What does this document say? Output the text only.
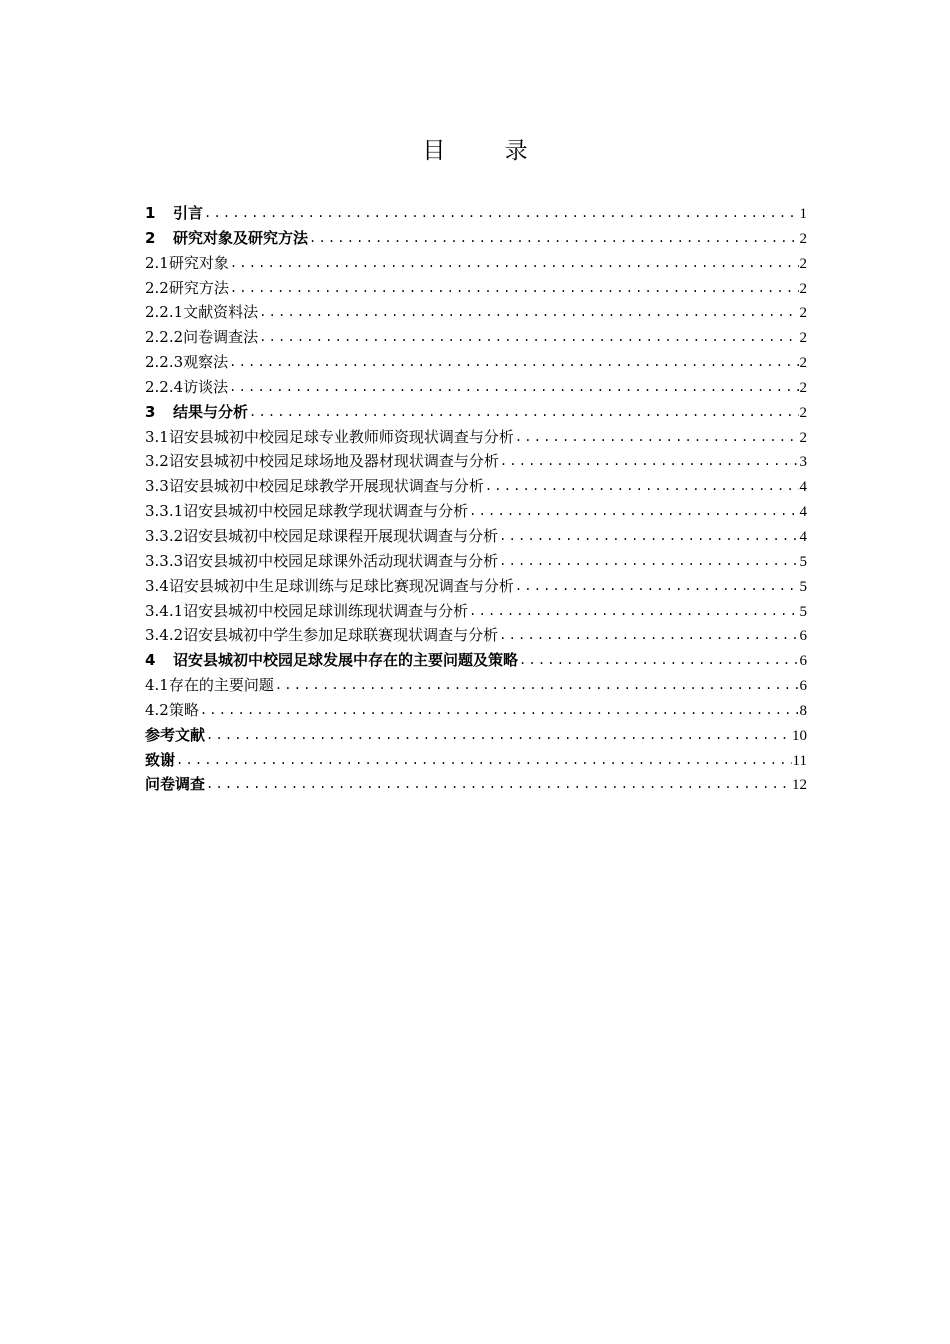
目 录
1 引言 .....	1
2 研究对象及研究方法 .....	2
2.1研究对象 .....	2
2.2研究方法 .....	2
2.2.1文献资料法 .....	2
2.2.2问卷调查法 .....	2
2.2.3观察法 .....	2
2.2.4访谈法 .....	2
3 结果与分析 .....	2
3.1诏安县城初中校园足球专业教师师资现状调查与分析 .....	2
3.2诏安县城初中校园足球场地及器材现状调查与分析 .....	3
3.3诏安县城初中校园足球教学开展现状调查与分析 .....	4
3.3.1诏安县城初中校园足球教学现状调查与分析 .....	4
3.3.2诏安县城初中校园足球课程开展现状调查与分析 .....	4
3.3.3诏安县城初中校园足球课外活动现状调查与分析 .....	5
3.4诏安县城初中生足球训练与足球比赛现况调查与分析 .....	5
3.4.1诏安县城初中校园足球训练现状调查与分析 .....	5
3.4.2诏安县城初中学生参加足球联赛现状调查与分析 .....	6
4 诏安县城初中校园足球发展中存在的主要问题及策略 .....	6
4.1存在的主要问题 .....	6
4.2策略 .....	8
参考文献 .....	10
致谢 .....	11
问卷调查 .....	12
